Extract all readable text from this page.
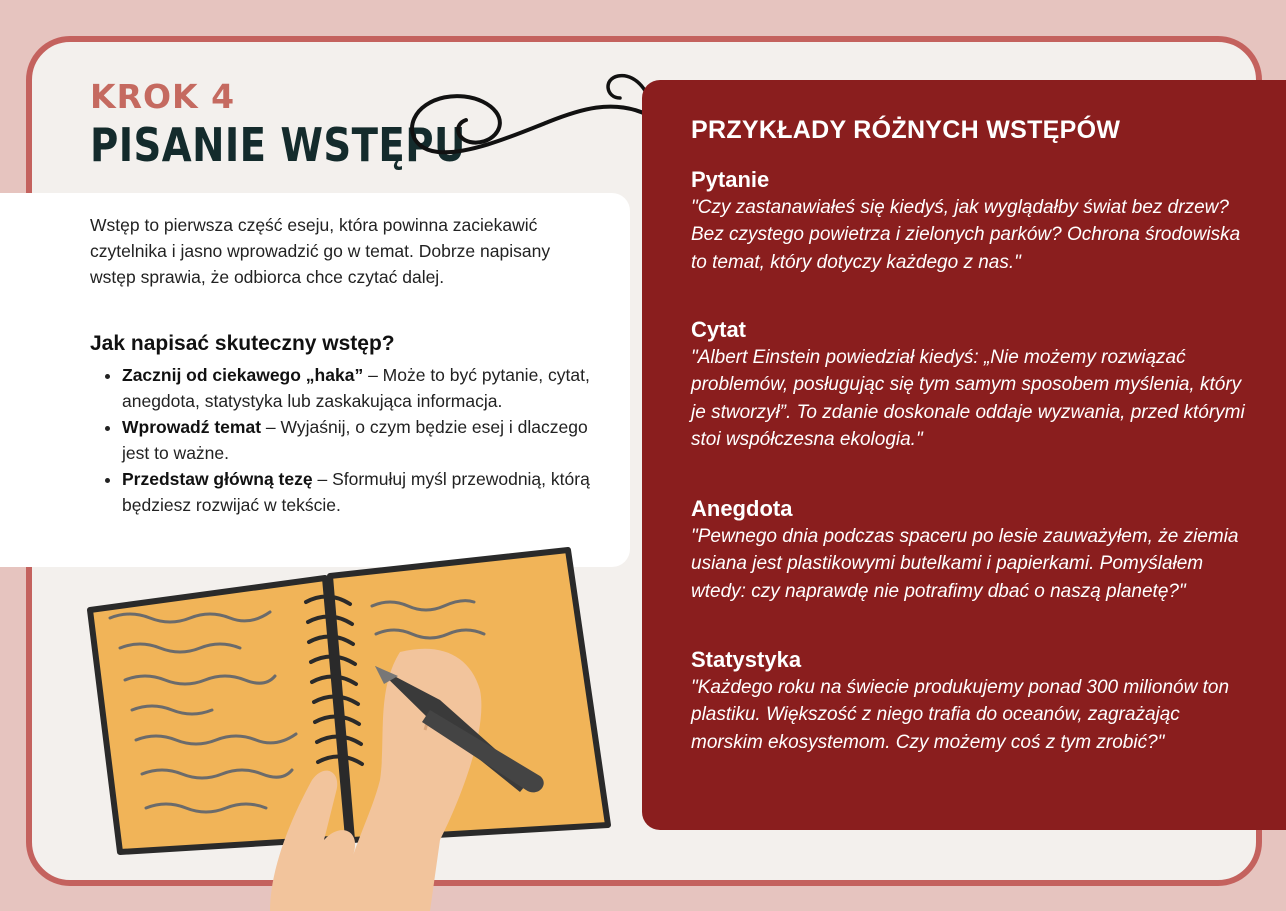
KROK 4
PISANIE WSTĘPU

Wstęp to pierwsza część eseju, która powinna zaciekawić czytelnika i jasno wprowadzić go w temat. Dobrze napisany wstęp sprawia, że odbiorca chce czytać dalej.

Jak napisać skuteczny wstęp?
• Zacznij od ciekawego „haka” – Może to być pytanie, cytat, anegdota, statystyka lub zaskakująca informacja.
• Wprowadź temat – Wyjaśnij, o czym będzie esej i dlaczego jest to ważne.
• Przedstaw główną tezę – Sformułuj myśl przewodnią, którą będziesz rozwijać w tekście.
PRZYKŁADY RÓŻNYCH WSTĘPÓW
Pytanie

"Czy zastanawiałeś się kiedyś, jak wyglądałby świat bez drzew? Bez czystego powietrza i zielonych parków? Ochrona środowiska to temat, który dotyczy każdego z nas."

Cytat

"Albert Einstein powiedział kiedyś: „Nie możemy rozwiązać problemów, posługując się tym samym sposobem myślenia, który je stworzył”. To zdanie doskonale oddaje wyzwania, przed którymi stoi współczesna ekologia."

Anegdota

"Pewnego dnia podczas spaceru po lesie zauważyłem, że ziemia usiana jest plastikowymi butelkami i papierkami. Pomyślałem wtedy: czy naprawdę nie potrafimy dbać o naszą planetę?"

Statystyka

"Każdego roku na świecie produkujemy ponad 300 milionów ton plastiku. Większość z niego trafia do oceanów, zagrażając morskim ekosystemom. Czy możemy coś z tym zrobić?"
